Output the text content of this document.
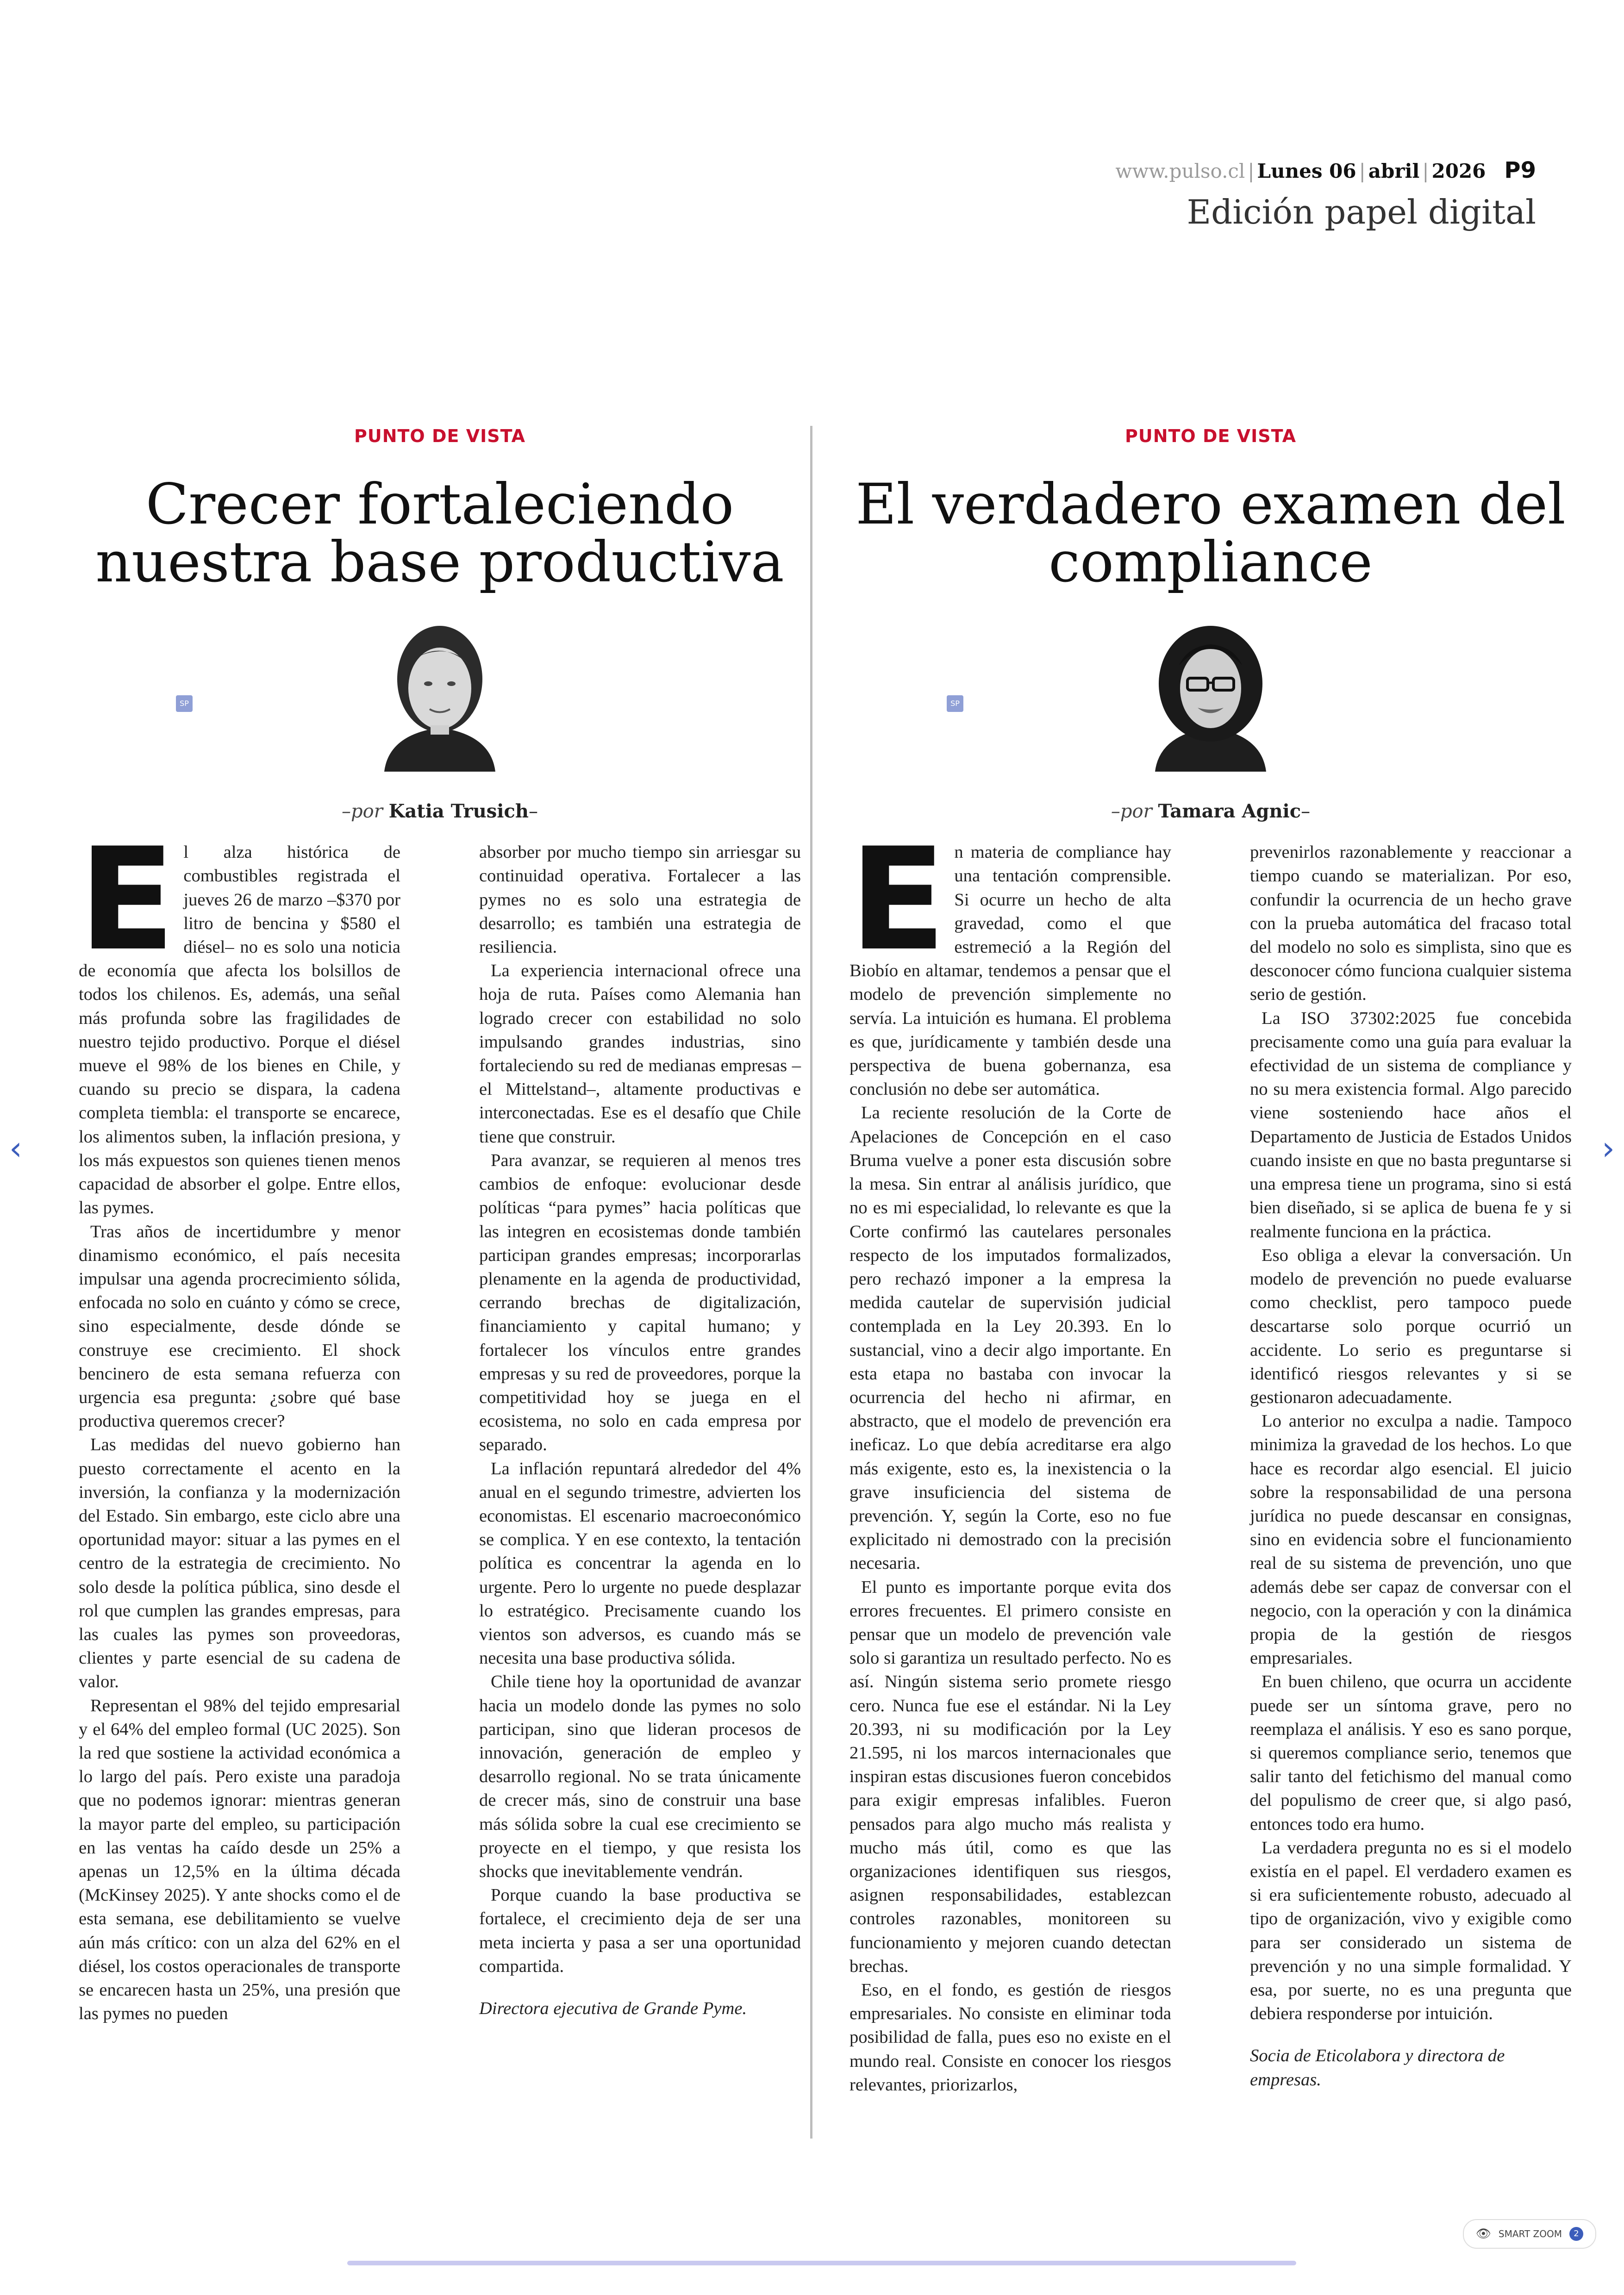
www.pulso.cl | Lunes 06 | abril | 2026 P9
Edición papel digital
PUNTO DE VISTA
Crecer fortaleciendo nuestra base productiva
SP
–por Katia Trusich–

El alza histórica de combustibles registrada el jueves 26 de marzo –$370 por litro de bencina y $580 el diésel– no es solo una noticia de economía que afecta los bolsillos de todos los chilenos. Es, además, una señal más profunda sobre las fragilidades de nuestro tejido productivo. Porque el diésel mueve el 98% de los bienes en Chile, y cuando su precio se dispara, la cadena completa tiembla: el transporte se encarece, los alimentos suben, la inflación presiona, y los más expuestos son quienes tienen menos capacidad de absorber el golpe. Entre ellos, las pymes.

Tras años de incertidumbre y menor dinamismo económico, el país necesita impulsar una agenda procrecimiento sólida, enfocada no solo en cuánto y cómo se crece, sino especialmente, desde dónde se construye ese crecimiento. El shock bencinero de esta semana refuerza con urgencia esa pregunta: ¿sobre qué base productiva queremos crecer?

Las medidas del nuevo gobierno han puesto correctamente el acento en la inversión, la confianza y la modernización del Estado. Sin embargo, este ciclo abre una oportunidad mayor: situar a las pymes en el centro de la estrategia de crecimiento. No solo desde la política pública, sino desde el rol que cumplen las grandes empresas, para las cuales las pymes son proveedoras, clientes y parte esencial de su cadena de valor.

Representan el 98% del tejido empresarial y el 64% del empleo formal (UC 2025). Son la red que sostiene la actividad económica a lo largo del país. Pero existe una paradoja que no podemos ignorar: mientras generan la mayor parte del empleo, su participación en las ventas ha caído desde un 25% a apenas un 12,5% en la última década (McKinsey 2025). Y ante shocks como el de esta semana, ese debilitamiento se vuelve aún más crítico: con un alza del 62% en el diésel, los costos operacionales de transporte se encarecen hasta un 25%, una presión que las pymes no pueden

absorber por mucho tiempo sin arriesgar su continuidad operativa. Fortalecer a las pymes no es solo una estrategia de desarrollo; es también una estrategia de resiliencia.

La experiencia internacional ofrece una hoja de ruta. Países como Alemania han logrado crecer con estabilidad no solo impulsando grandes industrias, sino fortaleciendo su red de medianas empresas –el Mittelstand–, altamente productivas e interconectadas. Ese es el desafío que Chile tiene que construir.

Para avanzar, se requieren al menos tres cambios de enfoque: evolucionar desde políticas “para pymes” hacia políticas que las integren en ecosistemas donde también participan grandes empresas; incorporarlas plenamente en la agenda de productividad, cerrando brechas de digitalización, financiamiento y capital humano; y fortalecer los vínculos entre grandes empresas y su red de proveedores, porque la competitividad hoy se juega en el ecosistema, no solo en cada empresa por separado.

La inflación repuntará alrededor del 4% anual en el segundo trimestre, advierten los economistas. El escenario macroeconómico se complica. Y en ese contexto, la tentación política es concentrar la agenda en lo urgente. Pero lo urgente no puede desplazar lo estratégico. Precisamente cuando los vientos son adversos, es cuando más se necesita una base productiva sólida.

Chile tiene hoy la oportunidad de avanzar hacia un modelo donde las pymes no solo participan, sino que lideran procesos de innovación, generación de empleo y desarrollo regional. No se trata únicamente de crecer más, sino de construir una base más sólida sobre la cual ese crecimiento se proyecte en el tiempo, y que resista los shocks que inevitablemente vendrán.

Porque cuando la base productiva se fortalece, el crecimiento deja de ser una meta incierta y pasa a ser una oportunidad compartida.

Directora ejecutiva de Grande Pyme.

PUNTO DE VISTA
El verdadero examen del compliance
SP
–por Tamara Agnic–

En materia de compliance hay una tentación comprensible. Si ocurre un hecho de alta gravedad, como el que estremeció a la Región del Biobío en altamar, tendemos a pensar que el modelo de prevención simplemente no servía. La intuición es humana. El problema es que, jurídicamente y también desde una perspectiva de buena gobernanza, esa conclusión no debe ser automática.

La reciente resolución de la Corte de Apelaciones de Concepción en el caso Bruma vuelve a poner esta discusión sobre la mesa. Sin entrar al análisis jurídico, que no es mi especialidad, lo relevante es que la Corte confirmó las cautelares personales respecto de los imputados formalizados, pero rechazó imponer a la empresa la medida cautelar de supervisión judicial contemplada en la Ley 20.393. En lo sustancial, vino a decir algo importante. En esta etapa no bastaba con invocar la ocurrencia del hecho ni afirmar, en abstracto, que el modelo de prevención era ineficaz. Lo que debía acreditarse era algo más exigente, esto es, la inexistencia o la grave insuficiencia del sistema de prevención. Y, según la Corte, eso no fue explicitado ni demostrado con la precisión necesaria.

El punto es importante porque evita dos errores frecuentes. El primero consiste en pensar que un modelo de prevención vale solo si garantiza un resultado perfecto. No es así. Ningún sistema serio promete riesgo cero. Nunca fue ese el estándar. Ni la Ley 20.393, ni su modificación por la Ley 21.595, ni los marcos internacionales que inspiran estas discusiones fueron concebidos para exigir empresas infalibles. Fueron pensados para algo mucho más realista y mucho más útil, como es que las organizaciones identifiquen sus riesgos, asignen responsabilidades, establezcan controles razonables, monitoreen su funcionamiento y mejoren cuando detectan brechas.

Eso, en el fondo, es gestión de riesgos empresariales. No consiste en eliminar toda posibilidad de falla, pues eso no existe en el mundo real. Consiste en conocer los riesgos relevantes, priorizarlos,

prevenirlos razonablemente y reaccionar a tiempo cuando se materializan. Por eso, confundir la ocurrencia de un hecho grave con la prueba automática del fracaso total del modelo no solo es simplista, sino que es desconocer cómo funciona cualquier sistema serio de gestión.

La ISO 37302:2025 fue concebida precisamente como una guía para evaluar la efectividad de un sistema de compliance y no su mera existencia formal. Algo parecido viene sosteniendo hace años el Departamento de Justicia de Estados Unidos cuando insiste en que no basta preguntarse si una empresa tiene un programa, sino si está bien diseñado, si se aplica de buena fe y si realmente funciona en la práctica.

Eso obliga a elevar la conversación. Un modelo de prevención no puede evaluarse como checklist, pero tampoco puede descartarse solo porque ocurrió un accidente. Lo serio es preguntarse si identificó riesgos relevantes y si se gestionaron adecuadamente.

Lo anterior no exculpa a nadie. Tampoco minimiza la gravedad de los hechos. Lo que hace es recordar algo esencial. El juicio sobre la responsabilidad de una persona jurídica no puede descansar en consignas, sino en evidencia sobre el funcionamiento real de su sistema de prevención, uno que además debe ser capaz de conversar con el negocio, con la operación y con la dinámica propia de la gestión de riesgos empresariales.

En buen chileno, que ocurra un accidente puede ser un síntoma grave, pero no reemplaza el análisis. Y eso es sano porque, si queremos compliance serio, tenemos que salir tanto del fetichismo del manual como del populismo de creer que, si algo pasó, entonces todo era humo.

La verdadera pregunta no es si el modelo existía en el papel. El verdadero examen es si era suficientemente robusto, adecuado al tipo de organización, vivo y exigible como para ser considerado un sistema de prevención y no una simple formalidad. Y esa, por suerte, no es una pregunta que debiera responderse por intuición.

Socia de Eticolabora y directora de empresas.

‹	›
👁 SMART ZOOM	2
